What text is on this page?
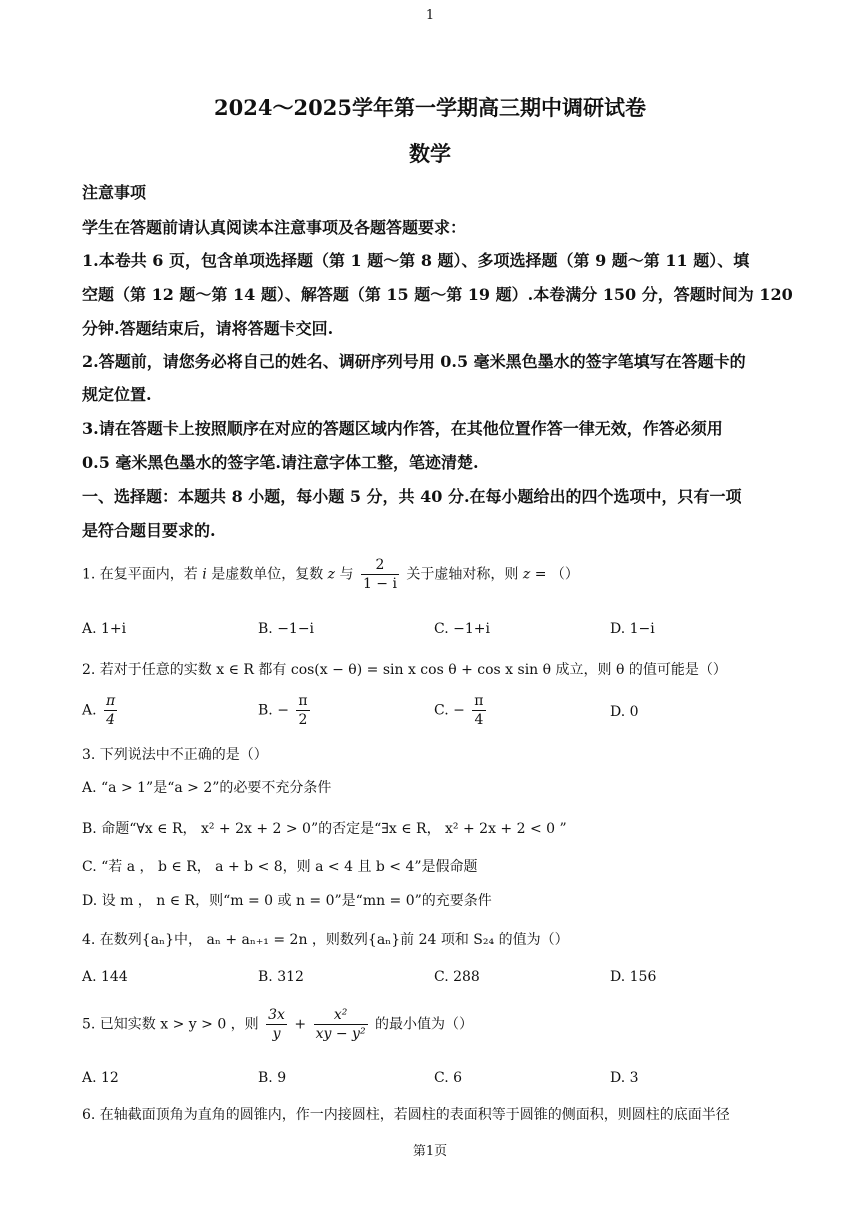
1
2024～2025学年第一学期高三期中调研试卷
数学
注意事项
学生在答题前请认真阅读本注意事项及各题答题要求：
1.本卷共 6 页，包含单项选择题（第 1 题～第 8 题）、多项选择题（第 9 题～第 11 题）、填
空题（第 12 题～第 14 题）、解答题（第 15 题～第 19 题）.本卷满分 150 分，答题时间为 120
分钟.答题结束后，请将答题卡交回.
2.答题前，请您务必将自己的姓名、调研序列号用 0.5 毫米黑色墨水的签字笔填写在答题卡的
规定位置.
3.请在答题卡上按照顺序在对应的答题区域内作答，在其他位置作答一律无效，作答必须用
0.5 毫米黑色墨水的签字笔.请注意字体工整，笔迹清楚.
一、选择题：本题共 8 小题，每小题 5 分，共 40 分.在每小题给出的四个选项中，只有一项
是符合题目要求的.
1. 在复平面内，若 i 是虚数单位，复数 z 与 $\frac{2}{1 - i}$ 关于虚轴对称，则 z = （）
A. 1+i	B. −1−i	C. −1+i	D. 1−i
2. 若对于任意的实数 x ∈ R 都有 cos(x − θ) = sin x cos θ + cos x sin θ 成立，则 θ 的值可能是（）
A. $\frac{\pi}{4}$	B. − $\frac{\pi}{2}$	C. − $\frac{\pi}{4}$	D. 0
3. 下列说法中不正确的是（）
A. “a > 1”是“a > 2”的必要不充分条件
B. 命题“∀x ∈ R， x² + 2x + 2 > 0”的否定是“∃x ∈ R， x² + 2x + 2 < 0 ”
C. “若 a ， b ∈ R， a + b < 8，则 a < 4 且 b < 4”是假命题
D. 设 m ， n ∈ R，则“m = 0 或 n = 0”是“mn = 0”的充要条件
4. 在数列{aₙ}中， aₙ + aₙ₊₁ = 2n ，则数列{aₙ}前 24 项和 S₂₄ 的值为（）
A. 144	B. 312	C. 288	D. 156
5. 已知实数 x > y > 0 ，则 $\frac{3x}{y} + \frac{\text{x²}}{\text{xy − y²}}$ 的最小值为（）
A. 12	B. 9	C. 6	D. 3
6. 在轴截面顶角为直角的圆锥内，作一内接圆柱，若圆柱的表面积等于圆锥的侧面积，则圆柱的底面半径
第1页
